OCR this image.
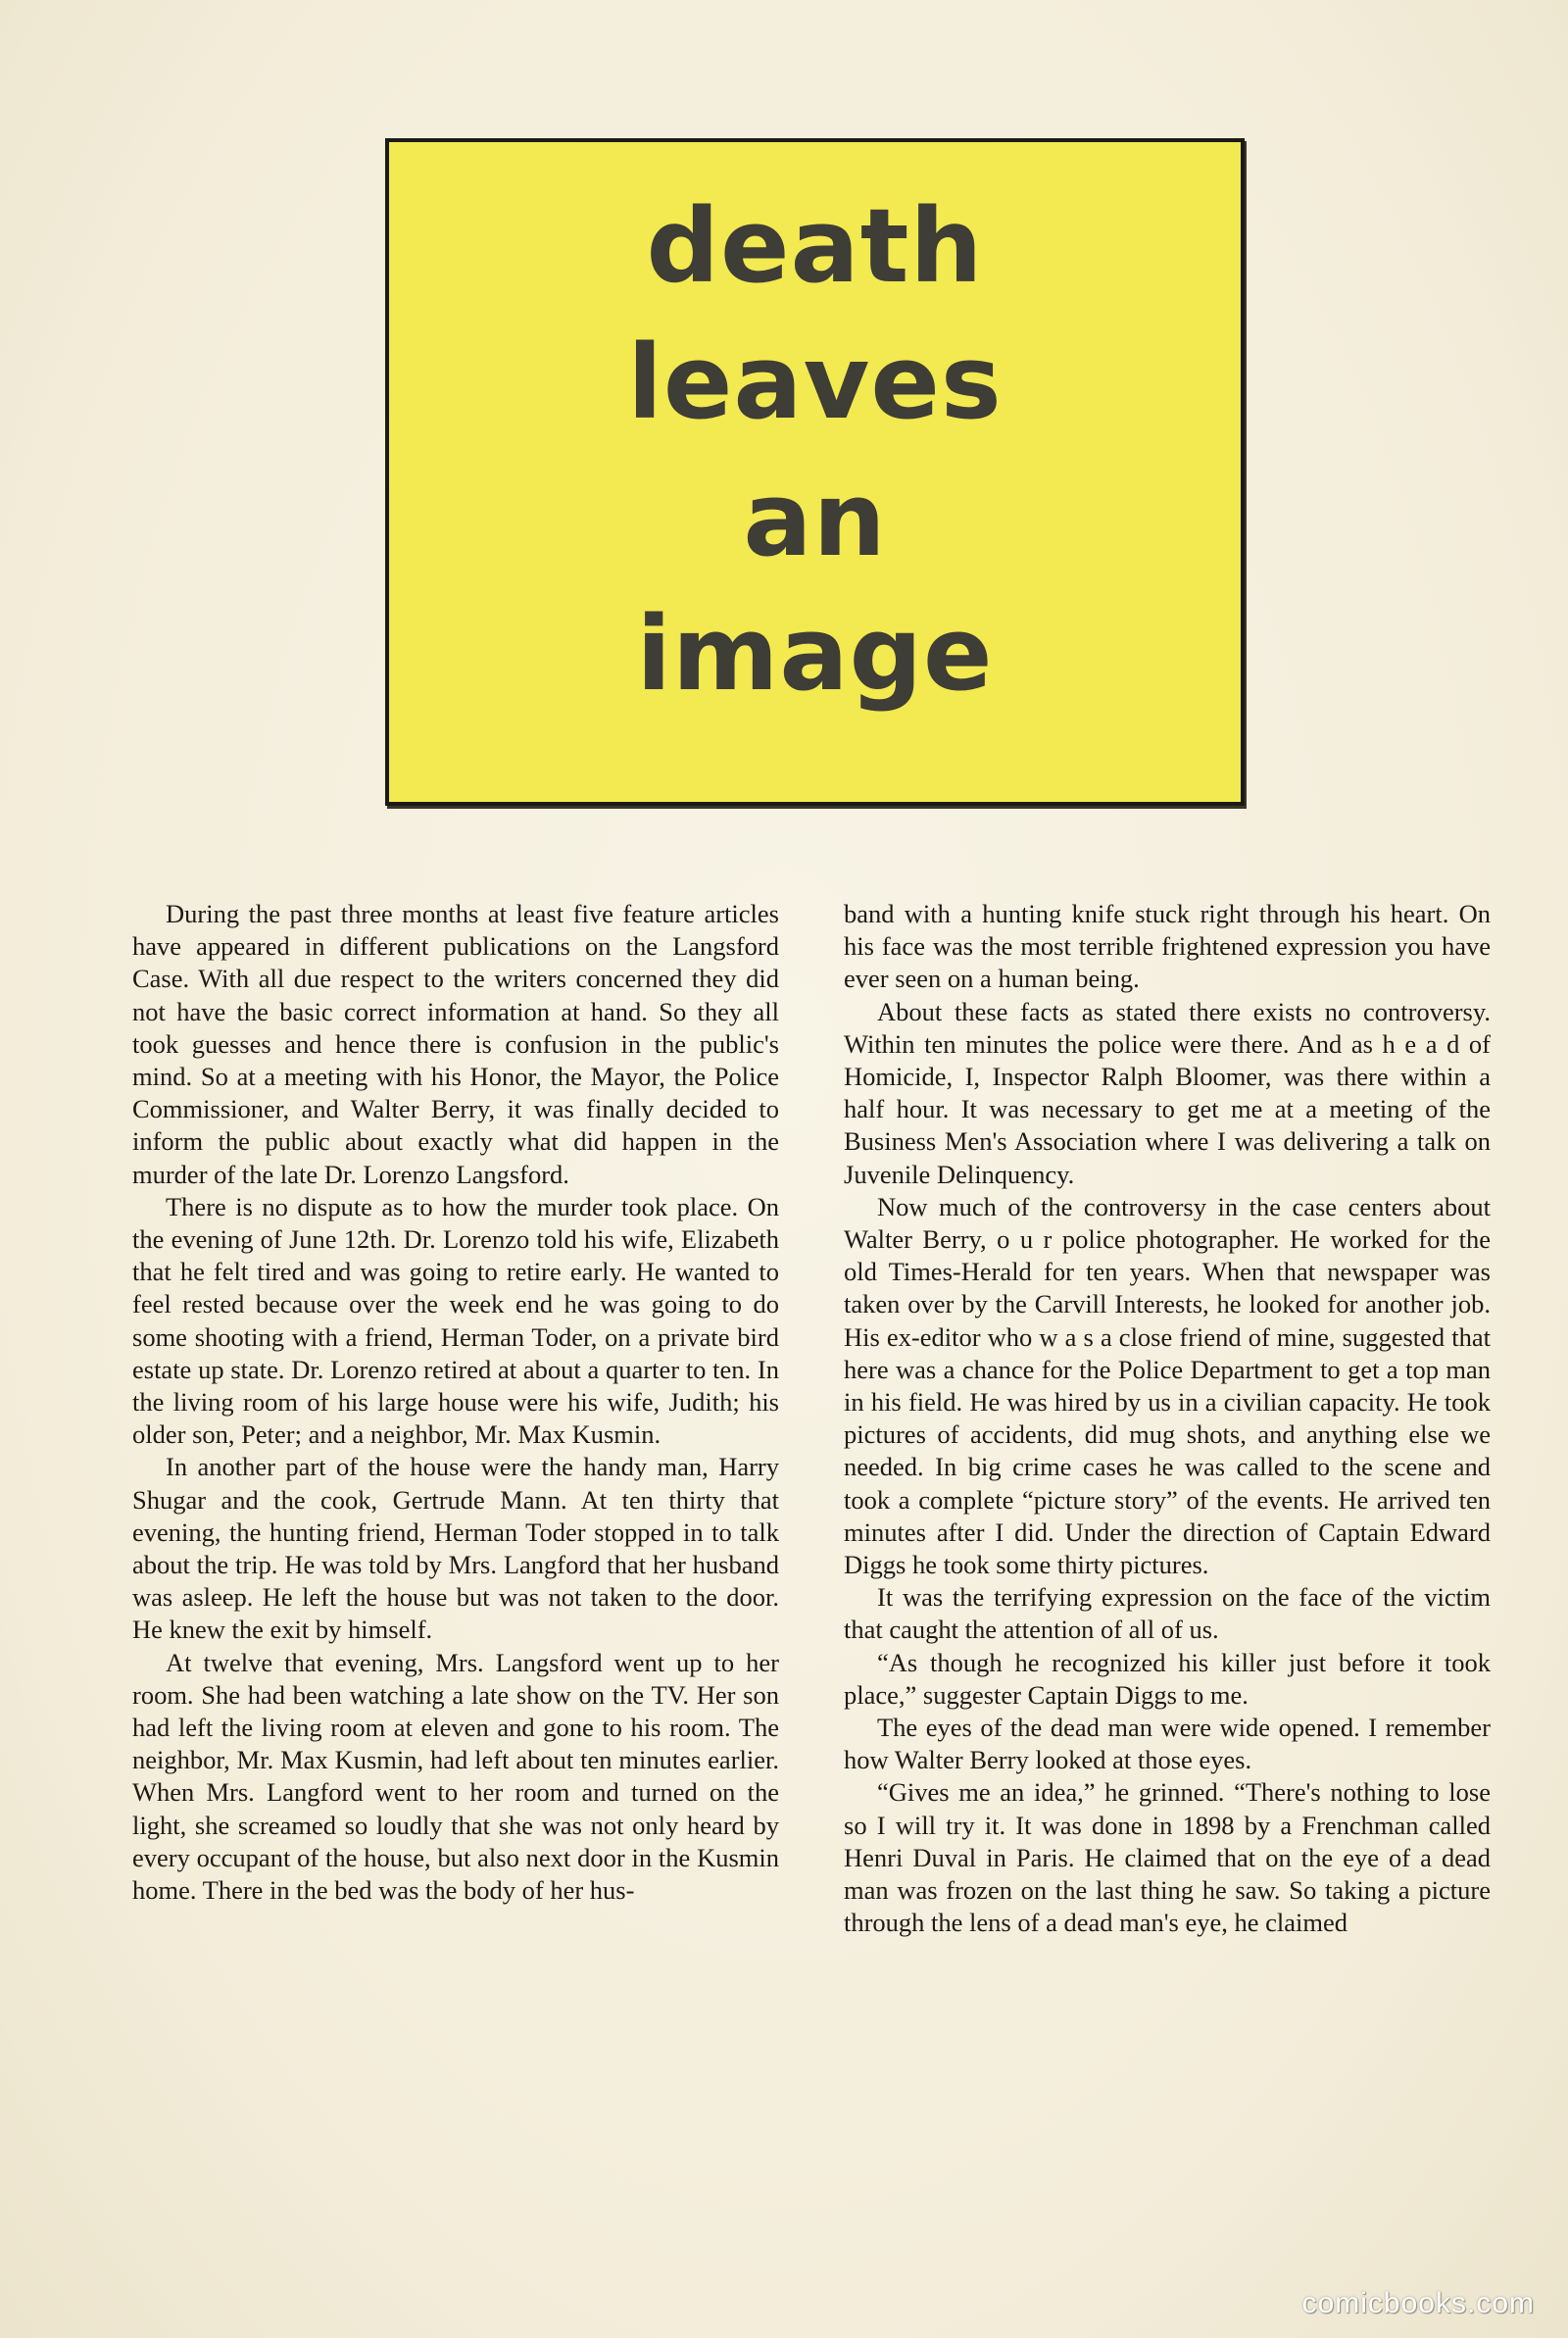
death
leaves
an
image

During the past three months at least five feature articles have appeared in different publications on the Langsford Case. With all due respect to the writers concerned they did not have the basic correct information at hand. So they all took guesses and hence there is confusion in the public's mind. So at a meeting with his Honor, the Mayor, the Police Commissioner, and Walter Berry, it was finally decided to inform the public about exactly what did happen in the murder of the late Dr. Lorenzo Langsford.

There is no dispute as to how the murder took place. On the evening of June 12th. Dr. Lorenzo told his wife, Elizabeth that he felt tired and was going to retire early. He wanted to feel rested because over the week end he was going to do some shooting with a friend, Herman Toder, on a private bird estate up state. Dr. Lorenzo retired at about a quarter to ten. In the living room of his large house were his wife, Judith; his older son, Peter; and a neighbor, Mr. Max Kusmin.

In another part of the house were the handy man, Harry Shugar and the cook, Gertrude Mann. At ten thirty that evening, the hunting friend, Herman Toder stopped in to talk about the trip. He was told by Mrs. Langford that her husband was asleep. He left the house but was not taken to the door. He knew the exit by himself.

At twelve that evening, Mrs. Langsford went up to her room. She had been watching a late show on the TV. Her son had left the living room at eleven and gone to his room. The neighbor, Mr. Max Kusmin, had left about ten minutes earlier. When Mrs. Langford went to her room and turned on the light, she screamed so loudly that she was not only heard by every occupant of the house, but also next door in the Kusmin home. There in the bed was the body of her hus-

band with a hunting knife stuck right through his heart. On his face was the most terrible frightened expression you have ever seen on a human being.

About these facts as stated there exists no controversy. Within ten minutes the police were there. And as h e a d of Homicide, I, Inspector Ralph Bloomer, was there within a half hour. It was necessary to get me at a meeting of the Business Men's Association where I was delivering a talk on Juvenile Delinquency.

Now much of the controversy in the case centers about Walter Berry, o u r police photographer. He worked for the old Times-Herald for ten years. When that newspaper was taken over by the Carvill Interests, he looked for another job. His ex-editor who w a s a close friend of mine, suggested that here was a chance for the Police Department to get a top man in his field. He was hired by us in a civilian capacity. He took pictures of accidents, did mug shots, and anything else we needed. In big crime cases he was called to the scene and took a complete “picture story” of the events. He arrived ten minutes after I did. Under the direction of Captain Edward Diggs he took some thirty pictures.

It was the terrifying expression on the face of the victim that caught the attention of all of us.

“As though he recognized his killer just before it took place,” suggester Captain Diggs to me.

The eyes of the dead man were wide opened. I remember how Walter Berry looked at those eyes.

“Gives me an idea,” he grinned. “There's nothing to lose so I will try it. It was done in 1898 by a Frenchman called Henri Duval in Paris. He claimed that on the eye of a dead man was frozen on the last thing he saw. So taking a picture through the lens of a dead man's eye, he claimed

comicbooks.com
